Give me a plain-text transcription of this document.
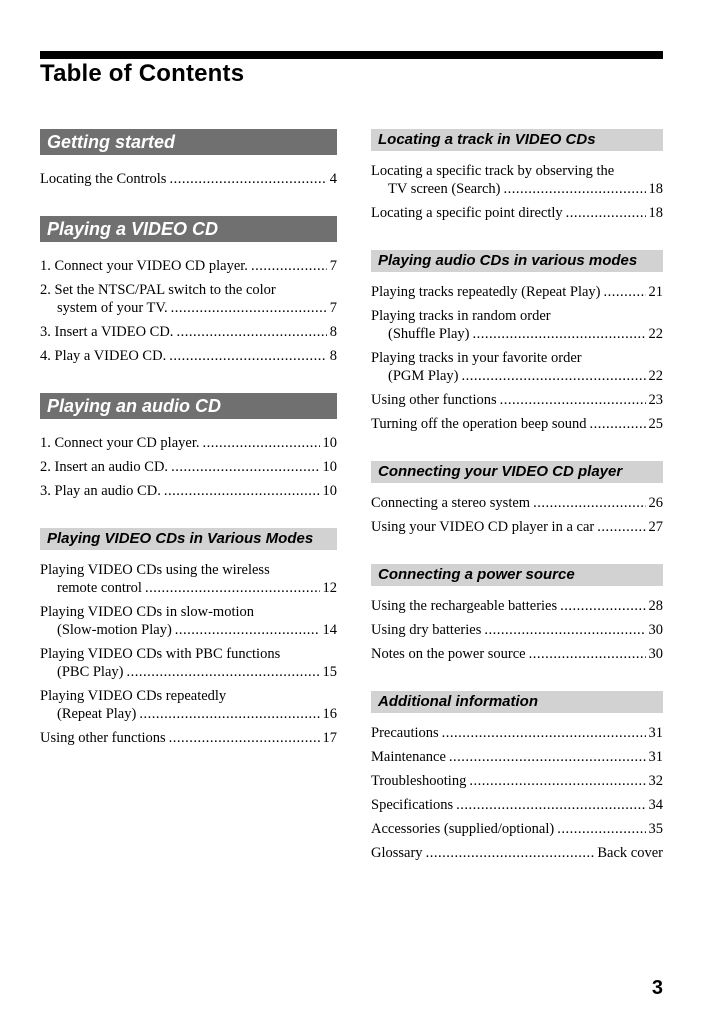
Table of Contents
Getting started
Locating the Controls .....	4
Playing a VIDEO CD
1. Connect your VIDEO CD player. .....	7
2. Set the NTSC/PAL switch to the color
system of your TV. .....	7
3. Insert a VIDEO CD. .....	8
4. Play a VIDEO CD. .....	8
Playing an audio CD
1. Connect your CD player. .....	10
2. Insert an audio CD. .....	10
3. Play an audio CD. .....	10
Playing VIDEO CDs in Various Modes
Playing VIDEO CDs using the wireless
remote control .....	12
Playing VIDEO CDs in slow-motion
(Slow-motion Play) .....	14
Playing VIDEO CDs with PBC functions
(PBC Play) .....	15
Playing VIDEO CDs repeatedly
(Repeat Play) .....	16
Using other functions .....	17
Locating a track in VIDEO CDs
Locating a specific track by observing the
TV screen (Search) .....	18
Locating a specific point directly .....	18
Playing audio CDs in various modes
Playing tracks repeatedly (Repeat Play) .....	21
Playing tracks in random order
(Shuffle Play) .....	22
Playing tracks in your favorite order
(PGM Play) .....	22
Using other functions .....	23
Turning off the operation beep sound .....	25
Connecting your VIDEO CD player
Connecting a stereo system .....	26
Using your VIDEO CD player in a car .....	27
Connecting a power source
Using the rechargeable batteries .....	28
Using dry batteries .....	30
Notes on the power source .....	30
Additional information
Precautions .....	31
Maintenance .....	31
Troubleshooting .....	32
Specifications .....	34
Accessories (supplied/optional) .....	35
Glossary .....	Back cover
3
